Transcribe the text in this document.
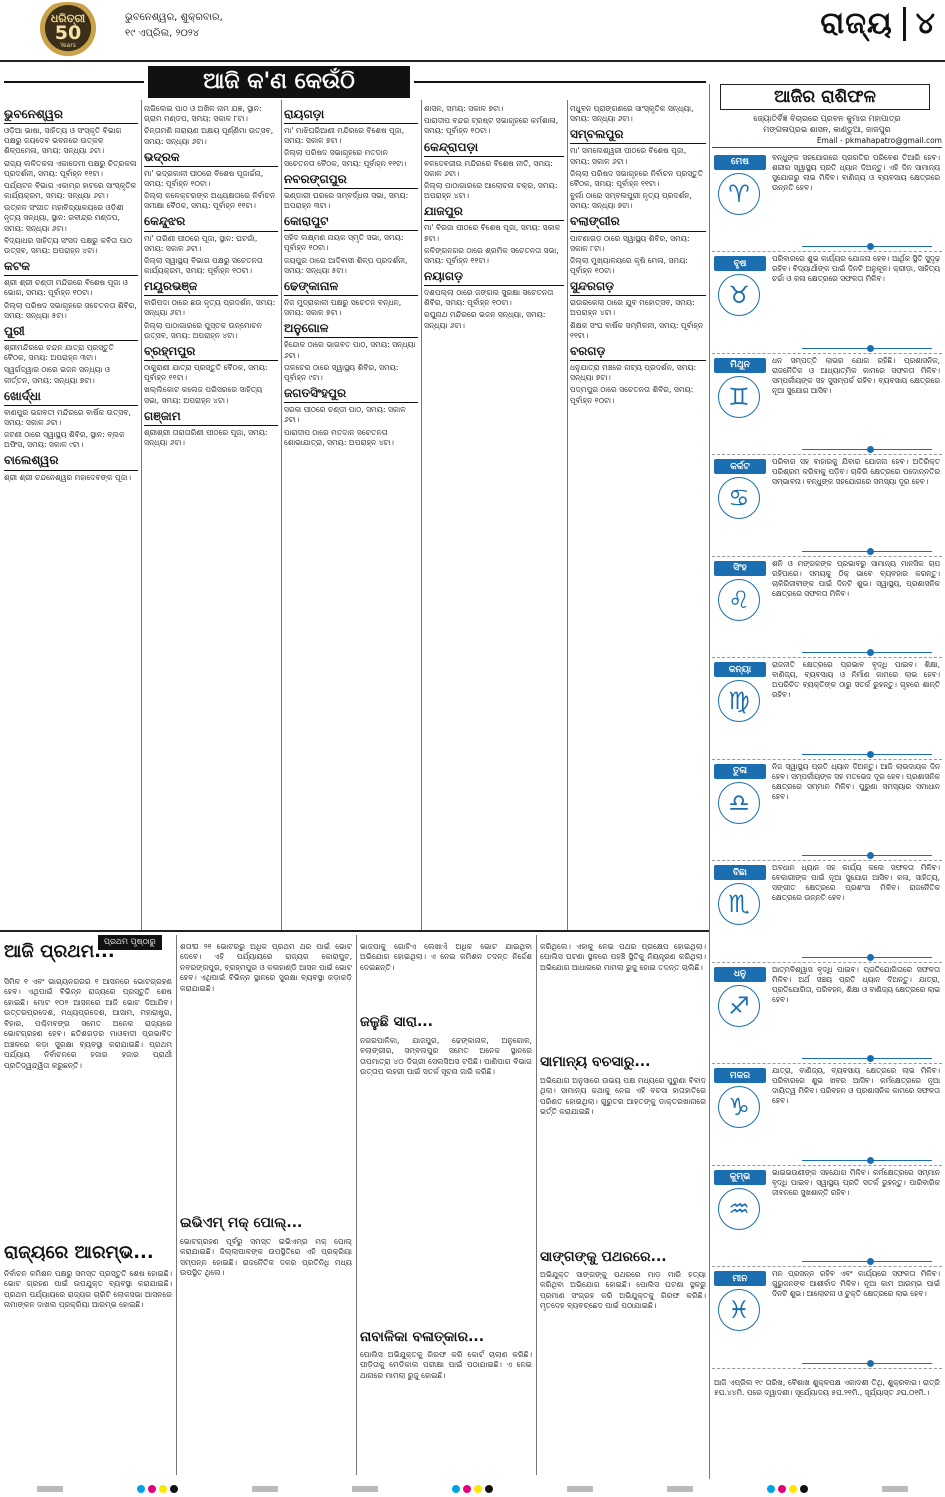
ଧରିତ୍ରୀ
50
Years
ଭୁବନେଶ୍ୱର, ଶୁକ୍ରବାର,
୧୯ ଏପ୍ରିଲ, ୨୦୨୪	ରାଜ୍ୟ ୪
ଆଜି କ'ଣ କେଉଁଠି
ଭୁବନେଶ୍ୱର

ଓଡ଼ିଆ ଭାଷା, ସାହିତ୍ୟ ଓ ସଂସ୍କୃତି ବିଭାଗ ପକ୍ଷରୁ ଜୟଦେବ ଭବନରେ ଉତ୍କଳ ଶିଳ୍ପମେଳା, ସମୟ: ସନ୍ଧ୍ୟା ୬ଟା।

ରାଜ୍ୟ ଲଳିତକଳା ଏକାଡେମୀ ପକ୍ଷରୁ ଚିତ୍ରକଳା ପ୍ରଦର୍ଶନୀ, ସମୟ: ପୂର୍ବାହ୍ନ ୧୧ଟା।

ପର୍ଯ୍ୟଟନ ବିଭାଗ ଏକାମ୍ର ହାଟରେ ସାଂସ୍କୃତିକ କାର୍ଯ୍ୟକ୍ରମ, ସମୟ: ସନ୍ଧ୍ୟା ୬ଟା।

ଉତ୍କଳ ସଂଗୀତ ମହାବିଦ୍ୟାଳୟରେ ଓଡ଼ିଶୀ ନୃତ୍ୟ ସନ୍ଧ୍ୟା, ସ୍ଥାନ: ରବୀନ୍ଦ୍ର ମଣ୍ଡପ, ସମୟ: ସନ୍ଧ୍ୟା ୬ଟା।

ବିଦ୍ୟାଧର ସାହିତ୍ୟ ସଂସଦ ପକ୍ଷରୁ କବିତା ପାଠ ଉତ୍ସବ, ସମୟ: ଅପରାହ୍ନ ୪ଟା।

କଟକ

ଶ୍ରୀ ଶ୍ରୀ ଚଣ୍ଡୀ ମନ୍ଦିରରେ ବିଶେଷ ପୂଜା ଓ ଭୋଗ, ସମୟ: ପୂର୍ବାହ୍ନ ୧୦ଟା।

ଜିଲ୍ଲା ପରିଷଦ ସଭାଗୃହରେ ସଚେତନତା ଶିବିର, ସମୟ: ସନ୍ଧ୍ୟା ୫ଟା।

ପୁରୀ

ଶ୍ରୀମନ୍ଦିରରେ ଚନ୍ଦନ ଯାତ୍ରା ପ୍ରସ୍ତୁତି ବୈଠକ, ସମୟ: ଅପରାହ୍ନ ୩ଟା।

ସ୍ୱର୍ଗଦ୍ୱାର ଠାରେ ଭଜନ ସନ୍ଧ୍ୟା ଓ କୀର୍ତ୍ତନ, ସମୟ: ସନ୍ଧ୍ୟା ୭ଟା।

ଖୋର୍ଦ୍ଧା

ବାଣପୁର ଭଗବତୀ ମନ୍ଦିରରେ ବାର୍ଷିକ ଉତ୍ସବ, ସମୟ: ସକାଳ ୬ଟା।

ଜଟଣୀ ଠାରେ ସ୍ୱାସ୍ଥ୍ୟ ଶିବିର, ସ୍ଥାନ: ବ୍ଲକ ଅଫିସ, ସମୟ: ସକାଳ ୯ଟା।

ବାଲେଶ୍ୱର

ଶ୍ରୀ ଶ୍ରୀ ଚନ୍ଦନେଶ୍ୱର ମହାଦେବଙ୍କ ପୂଜା।

ନାଗିଲେଇ ପାଠ ଓ ଅଖିଳ ନାମ ଯଜ୍ଞ, ସ୍ଥାନ: ଗ୍ରାମ ମଣ୍ଡପ, ସମୟ: ସକାଳ ୮ଟା।

ଚିନ୍ତାମଣି ନାରାୟଣ ଅକ୍ଷୟ ପୂର୍ଣ୍ଣିମା ଉତ୍ସବ, ସମୟ: ସନ୍ଧ୍ୟା ୬ଟା।

ଭଦ୍ରକ

ମା' ଭଦ୍ରକାଳୀ ପୀଠରେ ବିଶେଷ ପୂଜାର୍ଚ୍ଚନା, ସମୟ: ପୂର୍ବାହ୍ନ ୧୦ଟା।

ଜିଲ୍ଲା କଳେକ୍ଟରଙ୍କ ଅଧ୍ୟକ୍ଷତାରେ ନିର୍ବାଚନ ସମୀକ୍ଷା ବୈଠକ, ସମୟ: ପୂର୍ବାହ୍ନ ୧୧ଟା।

କେନ୍ଦୁଝର

ମା' ତାରିଣୀ ପୀଠରେ ପୂଜା, ସ୍ଥାନ: ଘଟଗାଁ, ସମୟ: ସକାଳ ୬ଟା।

ଜିଲ୍ଲା ସ୍ୱାସ୍ଥ୍ୟ ବିଭାଗ ପକ୍ଷରୁ ସଚେତନତା କାର୍ଯ୍ୟକ୍ରମ, ସମୟ: ପୂର୍ବାହ୍ନ ୧୦ଟା।

ମୟୂରଭଞ୍ଜ

ବାରିପଦା ଠାରେ ଛଉ ନୃତ୍ୟ ପ୍ରଦର୍ଶନ, ସମୟ: ସନ୍ଧ୍ୟା ୬ଟା।

ଜିଲ୍ଲା ପାଠାଗାରରେ ପୁସ୍ତକ ଉନ୍ମୋଚନ ଉତ୍ସବ, ସମୟ: ଅପରାହ୍ନ ୪ଟା।

ବ୍ରହ୍ମପୁର

ଠାକୁରାଣୀ ଯାତ୍ରା ପ୍ରସ୍ତୁତି ବୈଠକ, ସମୟ: ପୂର୍ବାହ୍ନ ୧୧ଟା।

ଖଲ୍ଲିକୋଟ କଲେଜ ପରିସରରେ ସାହିତ୍ୟ ସଭା, ସମୟ: ଅପରାହ୍ନ ୪ଟା।

ଗଞ୍ଜାମ

ଶ୍ରୀଶ୍ରୀ ତାରାତାରିଣୀ ପୀଠରେ ପୂଜା, ସମୟ: ସନ୍ଧ୍ୟା ୬ଟା।

ରାୟଗଡ଼ା

ମା' ମାଝିଘରିଆଣୀ ମନ୍ଦିରରେ ବିଶେଷ ପୂଜା, ସମୟ: ସକାଳ ୭ଟା।

ଜିଲ୍ଲା ପରିଷଦ ସଭାଗୃହରେ ମତଦାନ ସଚେତନତା ବୈଠକ, ସମୟ: ପୂର୍ବାହ୍ନ ୧୧ଟା।

ନବରଙ୍ଗପୁର

ଭଣ୍ଡାରୀ ଘରରେ ସମ୍ବର୍ଦ୍ଧନା ସଭା, ସମୟ: ଅପରାହ୍ନ ୩ଟା।

କୋରାପୁଟ

ସହିଦ ଲକ୍ଷ୍ମଣ ନାୟକ ସ୍ମୃତି ସଭା, ସମୟ: ପୂର୍ବାହ୍ନ ୧୦ଟା।

ଜୟପୁର ଠାରେ ଆଦିବାସୀ ଶିଳ୍ପ ପ୍ରଦର୍ଶନୀ, ସମୟ: ସନ୍ଧ୍ୟା ୫ଟା।

ଢେଙ୍କାନାଳ

ନିଜ ମୁଦ୍ରାକାଳୀ ପକ୍ଷରୁ ସଚେତନ ବନ୍ଧନ, ସମୟ: ସକାଳ ୭ଟା।

ଅନୁଗୋଳ

ହିନ୍ଦୋଳ ଠାରେ ଭାଗବତ ପାଠ, ସମୟ: ସନ୍ଧ୍ୟା ୬ଟା।

ତାଳଚେର ଠାରେ ସ୍ୱାସ୍ଥ୍ୟ ଶିବିର, ସମୟ: ପୂର୍ବାହ୍ନ ୯ଟା।

ଜଗତସିଂହପୁର

ସରଳା ପୀଠରେ ଚଣ୍ଡୀ ପାଠ, ସମୟ: ସକାଳ ୬ଟା।

ପାରାଦୀପ ଠାରେ ମତଦାନ ସଚେତନତା ଶୋଭାଯାତ୍ରା, ସମୟ: ଅପରାହ୍ନ ୪ଟା।

ଶାସନ, ସମୟ: ସକାଳ ୭ଟା।

ପାରାଦୀପ ବନ୍ଦର ଟ୍ରଷ୍ଟ ସଭାଗୃହରେ କର୍ମଶାଳା, ସମୟ: ପୂର୍ବାହ୍ନ ୧୦ଟା।

କେନ୍ଦ୍ରାପଡ଼ା

ବଳଦେବଜୀଉ ମନ୍ଦିରରେ ବିଶେଷ ନୀତି, ସମୟ: ସକାଳ ୬ଟା।

ଜିଲ୍ଲା ପାଠାଗାରରେ ଆଲୋଚନା ଚକ୍ର, ସମୟ: ଅପରାହ୍ନ ୪ଟା।

ଯାଜପୁର

ମା' ବିରଜା ପୀଠରେ ବିଶେଷ ପୂଜା, ସମୟ: ସକାଳ ୭ଟା।

କଳିଙ୍ଗନଗର ଠାରେ ଶ୍ରମିକ ସଚେତନତା ସଭା, ସମୟ: ପୂର୍ବାହ୍ନ ୧୧ଟା।

ନୟାଗଡ଼

ଦଶପଲ୍ଲା ଠାରେ ଜଙ୍ଗଲ ସୁରକ୍ଷା ସଚେତନତା ଶିବିର, ସମୟ: ପୂର୍ବାହ୍ନ ୧୦ଟା।

ରଘୁନାଥ ମନ୍ଦିରରେ ଭଜନ ସନ୍ଧ୍ୟା, ସମୟ: ସନ୍ଧ୍ୟା ୬ଟା।

ମଧୁବନ ପ୍ରାଙ୍ଗଣରେ ସାଂସ୍କୃତିକ ସନ୍ଧ୍ୟା, ସମୟ: ସନ୍ଧ୍ୟା ୬ଟା।

ସମ୍ବଲପୁର

ମା' ସମଲେଶ୍ୱରୀ ପୀଠରେ ବିଶେଷ ପୂଜା, ସମୟ: ସକାଳ ୬ଟା।

ଜିଲ୍ଲା ପରିଷଦ ସଭାଗୃହରେ ନିର୍ବାଚନ ପ୍ରସ୍ତୁତି ବୈଠକ, ସମୟ: ପୂର୍ବାହ୍ନ ୧୧ଟା।

ବୁର୍ଲା ଠାରେ ସମ୍ବଲପୁରୀ ନୃତ୍ୟ ପ୍ରଦର୍ଶନ, ସମୟ: ସନ୍ଧ୍ୟା ୭ଟା।

ବଲାଙ୍ଗୀର

ପାଟଣାଗଡ଼ ଠାରେ ସ୍ୱାସ୍ଥ୍ୟ ଶିବିର, ସମୟ: ସକାଳ ୮ଟା।

ଜିଲ୍ଲା ମୁଖ୍ୟାଳୟରେ କୃଷି ମେଳା, ସମୟ: ପୂର୍ବାହ୍ନ ୧୦ଟା।

ସୁନ୍ଦରଗଡ଼

ରାଉରକେଲା ଠାରେ ଯୁବ ମହୋତ୍ସବ, ସମୟ: ଅପରାହ୍ନ ୪ଟା।

ଶିକ୍ଷକ ସଂଘ ବାର୍ଷିକ ସମ୍ମିଳନୀ, ସମୟ: ପୂର୍ବାହ୍ନ ୧୧ଟା।

ବରଗଡ଼

ଧନୁଯାତ୍ରା ମଞ୍ଚରେ ନାଟ୍ୟ ପ୍ରଦର୍ଶନ, ସମୟ: ସନ୍ଧ୍ୟା ୭ଟା।

ପଦ୍ମପୁର ଠାରେ ସଚେତନତା ଶିବିର, ସମୟ: ପୂର୍ବାହ୍ନ ୧୦ଟା।

ଆଜିର ରାଶିଫଳ
ଜ୍ୟୋତିର୍ବିଜ୍ଞ ବିଚାରରେ ପ୍ରବନ କୁମାର ମହାପାତ୍ର
ମଙ୍ଗଳାପ୍ରଭ ଶାସନ, କାଣ୍ଡୁଆ, ଜାଜପୁର
Email - pkmahapatro@gmail.com
ମେଷ
♈
ବନ୍ଧୁଙ୍କ ସହଯୋଗରେ ପ୍ରଗତିର ପରିବେଶ ତିଆରି ହେବ। ଶରୀର ସ୍ୱାସ୍ଥ୍ୟ ପ୍ରତି ଧ୍ୟାନ ଦିଅନ୍ତୁ। ଏହି ଦିନ ସାମାନ୍ୟ ସୁଯୋଗରୁ ଲାଭ ମିଳିବ। ବାଣିଜ୍ୟ ଓ ବ୍ୟବସାୟ କ୍ଷେତ୍ରରେ ଉନ୍ନତି ହେବ।
ବୃଷ
♉
ପରିବାରରେ ଶୁଭ କାର୍ଯ୍ୟର ଯୋଜନା ହେବ। ଆର୍ଥିକ ସ୍ଥିତି ସୁଦୃଢ଼ ରହିବ। ବିଦ୍ୟାର୍ଥୀଙ୍କ ପାଇଁ ଦିନଟି ଅନୁକୂଳ। କ୍ରୀଡ଼ା, ସାହିତ୍ୟ ଚର୍ଚ୍ଚା ଓ କଳା କ୍ଷେତ୍ରରେ ସଫଳତା ମିଳିବ।
ମିଥୁନ
♊
ଧନ ସମ୍ପତ୍ତି ଲାଭର ଯୋଗ ରହିଛି। ପ୍ରଶାସନିକ, ରାଜନୈତିକ ଓ ଆଧ୍ୟାତ୍ମିକ କାମରେ ସଫଳତା ମିଳିବ। ସମ୍ପର୍କୀୟଙ୍କ ସହ ସୁସମ୍ପର୍କ ରହିବ। ବ୍ୟବସାୟ କ୍ଷେତ୍ରରେ ନୂଆ ସୁଯୋଗ ଆସିବ।
କର୍କଟ
♋
ପରିବାର ସହ ବାହାରକୁ ଯିବାର ଯୋଜନା ହେବ। ଅତିରିକ୍ତ ପରିଶ୍ରମ କରିବାକୁ ପଡ଼ିବ। ଚାକିରି କ୍ଷେତ୍ରରେ ପଦୋନ୍ନତିର ସମ୍ଭାବନା। ବନ୍ଧୁଙ୍କ ସହଯୋଗରେ ସମସ୍ୟା ଦୂର ହେବ।
ସିଂହ
♌
ଶନି ଓ ମଙ୍ଗଳଙ୍କ ପ୍ରଭାବରୁ ସାମାନ୍ୟ ମାନସିକ ଚାପ ରହିପାରେ। ସମୟକୁ ଠିକ୍ ଭାବେ ବ୍ୟବହାର କରନ୍ତୁ। ଚାକିରିଜୀବୀଙ୍କ ପାଇଁ ଦିନଟି ଶୁଭ। ସ୍ୱାସ୍ଥ୍ୟ, ପ୍ରଶାସନିକ କ୍ଷେତ୍ରରେ ସଫଳତା ମିଳିବ।
କନ୍ୟା
♍
ରାଜନୀତି କ୍ଷେତ୍ରରେ ପ୍ରଭାବ ବୃଦ୍ଧି ପାଇବ। ଶିକ୍ଷା, ବାଣିଜ୍ୟ, ବ୍ୟବସାୟ ଓ ନିର୍ମାଣ କାମରେ ଲାଭ ହେବ। ଅପରିଚିତ ବ୍ୟକ୍ତିଙ୍କ ଠାରୁ ସତର୍କ ରୁହନ୍ତୁ। ଗୃହରେ ଶାନ୍ତି ରହିବ।
ତୁଳା
♎
ନିଜ ସ୍ୱାସ୍ଥ୍ୟ ପ୍ରତି ଧ୍ୟାନ ଦିଅନ୍ତୁ। ଆଜି ଲାଭଦାୟକ ଦିନ ହେବ। ସମ୍ପର୍କୀୟଙ୍କ ସହ ମତଭେଦ ଦୂର ହେବ। ପ୍ରଶାସନିକ କ୍ଷେତ୍ରରେ ସମ୍ମାନ ମିଳିବ। ପୁରୁଣା ସମସ୍ୟାର ସମାଧାନ ହେବ।
ବିଛା
♏
ଅବଧାନ ଧ୍ୟାନ ସହ କାର୍ଯ୍ୟ କଲେ ସଫଳତା ମିଳିବ। ବେକାରୀଙ୍କ ପାଇଁ ନୂଆ ସୁଯୋଗ ଆସିବ। କଳା, ସାହିତ୍ୟ, ସଙ୍ଗୀତ କ୍ଷେତ୍ରରେ ପ୍ରଶଂସା ମିଳିବ। ରାଜନୈତିକ କ୍ଷେତ୍ରରେ ଉନ୍ନତି ହେବ।
ଧନୁ
♐
ଆତ୍ମବିଶ୍ୱାସ ବୃଦ୍ଧି ପାଇବ। ପ୍ରତିଯୋଗିତାରେ ସଫଳତା ମିଳିବ। ଅର୍ଥ ସଞ୍ଚୟ ପ୍ରତି ଧ୍ୟାନ ଦିଅନ୍ତୁ। ଯାତ୍ରା, ପ୍ରତିଯୋଗିତା, ପରିବହନ, ଶିକ୍ଷା ଓ ବାଣିଜ୍ୟ କ୍ଷେତ୍ରରେ ଲାଭ ହେବ।
ମକର
♑
ଯାତ୍ରା, ବାଣିଜ୍ୟ, ବ୍ୟବସାୟ କ୍ଷେତ୍ରରେ ଲାଭ ମିଳିବ। ପରିବାରରେ ଶୁଭ ଖବର ଆସିବ। କର୍ମକ୍ଷେତ୍ରରେ ନୂଆ ଦାୟିତ୍ୱ ମିଳିବ। ପରିବହନ ଓ ପ୍ରଶାସନିକ କାମରେ ସଫଳତା ହେବ।
କୁମ୍ଭ
♒
ଭାଇଭଉଣୀଙ୍କ ସହଯୋଗ ମିଳିବ। କର୍ମକ୍ଷେତ୍ରରେ ସମ୍ମାନ ବୃଦ୍ଧି ପାଇବ। ସ୍ୱାସ୍ଥ୍ୟ ପ୍ରତି ସତର୍କ ରୁହନ୍ତୁ। ପାରିବାରିକ ଜୀବନରେ ସୁଖଶାନ୍ତି ରହିବ।
ମୀନ
♓
ମନ ପ୍ରସନ୍ନ ରହିବ ଏବଂ କାର୍ଯ୍ୟରେ ସଫଳତା ମିଳିବ। ଗୁରୁଜନଙ୍କ ଆଶୀର୍ବାଦ ମିଳିବ। ନୂଆ କାମ ଆରମ୍ଭ ପାଇଁ ଦିନଟି ଶୁଭ। ଆଲୋଚନା ଓ ଚୁକ୍ତି କ୍ଷେତ୍ରରେ ଲାଭ ହେବ।
ଆଜି ଏପ୍ରିଲ ୧୯ ତାରିଖ, ବୈଶାଖ ଶୁକ୍ଳପକ୍ଷ ଏକାଦଶୀ ତିଥି, ଶୁକ୍ରବାର। ରାତ୍ରି ୫ଘ.୪୪ମି. ପରେ ଦ୍ୱାଦଶୀ। ସୂର୍ଯ୍ୟୋଦୟ ୫ଘ.୨୧ମି., ସୂର୍ଯ୍ୟାସ୍ତ ୬ଘ.୦୧ମି.।
ପ୍ରଥମ ପୃଷ୍ଠାରୁ
ଆଜି ପ୍ରଥମ...
ସିମିଳ ୧ ଏବଂ ଭାଗ୍ୟନଗରର ୧ ଆସନରେ ଭୋଟଗ୍ରହଣ ହେବ। ଏଥିପାଇଁ ବିଭିନ୍ନ ରାଜ୍ୟରେ ପ୍ରସ୍ତୁତି ଶେଷ ହୋଇଛି। ମୋଟ ୧୦୨ ଆସନରେ ଆଜି ଭୋଟ ଦିଆଯିବ। ଉତ୍ତରପ୍ରଦେଶ, ମଧ୍ୟପ୍ରଦେଶ, ଆସାମ, ମହାରାଷ୍ଟ୍ର, ବିହାର, ପଶ୍ଚିମବଙ୍ଗ ସମେତ ଅନେକ ରାଜ୍ୟରେ ଭୋଟଗ୍ରହଣ ହେବ। ଛତିଶଗଡ଼ର ମାଓବାଦୀ ପ୍ରଭାବିତ ଅଞ୍ଚଳରେ କଡ଼ା ସୁରକ୍ଷା ବ୍ୟବସ୍ଥା କରାଯାଇଛି। ପ୍ରଥମ ପର୍ଯ୍ୟାୟ ନିର୍ବାଚନରେ ହଜାର ହଜାର ପ୍ରାର୍ଥୀ ପ୍ରତିଦ୍ୱନ୍ଦ୍ୱିତା କରୁଛନ୍ତି।
ରାଜ୍ୟରେ ଆରମ୍ଭ...
ନିର୍ବାଚନ କମିଶନ ପକ୍ଷରୁ ସମସ୍ତ ପ୍ରସ୍ତୁତି ଶେଷ ହୋଇଛି। ଭୋଟ ଗ୍ରହଣ ପାଇଁ ଉପଯୁକ୍ତ ବ୍ୟବସ୍ଥା କରାଯାଇଛି। ପ୍ରଥମ ପର୍ଯ୍ୟାୟରେ ରାଜ୍ୟର ଚାରିଟି ଲୋକସଭା ଆସନରେ ନାମାଙ୍କନ ଦାଖଲ ପ୍ରକ୍ରିୟା ଆରମ୍ଭ ହୋଇଛି।
ଶତାବ୍ଦୀ ୨୧ ଭୋଟରରୁ ଅଧିକ ପ୍ରଥମ ଥର ପାଇଁ ଭୋଟ ଦେବେ। ଏହି ପର୍ଯ୍ୟାୟରେ ରାଜ୍ୟର କୋରାପୁଟ, ନବରଙ୍ଗପୁର, ବ୍ରହ୍ମପୁର ଓ କଳାହାଣ୍ଡି ଆସନ ପାଇଁ ଭୋଟ ହେବ। ଏଥିପାଇଁ ବିଭିନ୍ନ ସ୍ଥାନରେ ସୁରକ୍ଷା ବ୍ୟବସ୍ଥା କଡ଼ାକଡ଼ି କରାଯାଇଛି।
ଇଭିଏମ୍ ମକ୍ ପୋଲ୍...
ଭୋଟଗ୍ରହଣ ପୂର୍ବରୁ ସମସ୍ତ ଇଭିଏମ୍‌ର ମକ୍ ପୋଲ୍ କରାଯାଇଛି। ଜିଲ୍ଲାପାଳଙ୍କ ଉପସ୍ଥିତିରେ ଏହି ପ୍ରକ୍ରିୟା ସମ୍ପନ୍ନ ହୋଇଛି। ରାଜନୈତିକ ଦଳର ପ୍ରତିନିଧି ମଧ୍ୟ ଉପସ୍ଥିତ ଥିଲେ।
ଭାଜପାକୁ ଗୋଟିଏ ଲେଖାଏଁ ଅଧିକ ଭୋଟ ଯାଇଥିବା ଅଭିଯୋଗ ହୋଇଥିଲା। ଏ ନେଇ କମିଶନ ତଦନ୍ତ ନିର୍ଦ୍ଦେଶ ଦେଇଛନ୍ତି।
ଜଳୁଛି ସାରା...
ନଗରପାଳିକା, ଯାଜପୁର, ଢେଙ୍କାନାଳ, ଅନୁଗୋଳ, ବଲାଙ୍ଗୀର, ସମ୍ବଲପୁର ସମେତ ଅନେକ ସ୍ଥାନରେ ତାପମାତ୍ରା ୪୦ ଡିଗ୍ରୀ ସେଲସିଅସ ଟପିଛି। ପାଣିପାଗ ବିଭାଗ ଉତ୍ତାପ ଲହରୀ ପାଇଁ ସତର୍କ ସୂଚନା ଜାରି କରିଛି।
ନାବାଳିକା ବଳାତ୍କାର...
ପୋଲିସ ଅଭିଯୁକ୍ତକୁ ଗିରଫ କରି କୋର୍ଟ ଚାଲାଣ କରିଛି। ପୀଡ଼ିତାକୁ ମେଡିକାଲ ପରୀକ୍ଷା ପାଇଁ ପଠାଯାଇଛି। ଏ ନେଇ ଥାନାରେ ମାମଲା ରୁଜୁ ହୋଇଛି।
କରିଥିଲେ। ଏହାକୁ ନେଇ ପଥର ପ୍ରକ୍ଷେପ ହୋଇଥିଲା। ପୋଲିସ ଘଟଣା ସ୍ଥଳରେ ପହଞ୍ଚି ସ୍ଥିତିକୁ ନିୟନ୍ତ୍ରଣ କରିଥିଲା। ଅଭିଯୋଗ ଆଧାରରେ ମାମଲା ରୁଜୁ ହୋଇ ତଦନ୍ତ ଚାଲିଛି।
ସାମାନ୍ୟ ବଚସାରୁ...
ଅଭିଯୋଗ ଅନୁସାରେ ଉଭୟ ପକ୍ଷ ମଧ୍ୟରେ ପୁରୁଣା ବିବାଦ ଥିଲା। ସାମାନ୍ୟ କଥାକୁ ନେଇ ଏହି ବଚସା ହାତାହାତିରେ ପରିଣତ ହୋଇଥିଲା। ଗୁରୁତର ଆହତଙ୍କୁ ଡାକ୍ତରଖାନାରେ ଭର୍ତ୍ତି କରାଯାଇଛି।
ସାଙ୍ଗଙ୍କୁ ପଥରରେ...
ଅଭିଯୁକ୍ତ ସାଙ୍ଗଙ୍କୁ ପଥରରେ ମାଡ଼ ମାରି ହତ୍ୟା କରିଥିବା ଅଭିଯୋଗ ହୋଇଛି। ପୋଲିସ ଘଟଣା ସ୍ଥଳରୁ ପ୍ରମାଣ ସଂଗ୍ରହ କରି ଅଭିଯୁକ୍ତକୁ ଗିରଫ କରିଛି। ମୃତଦେହ ବ୍ୟବଚ୍ଛେଦ ପାଇଁ ପଠାଯାଇଛି।
